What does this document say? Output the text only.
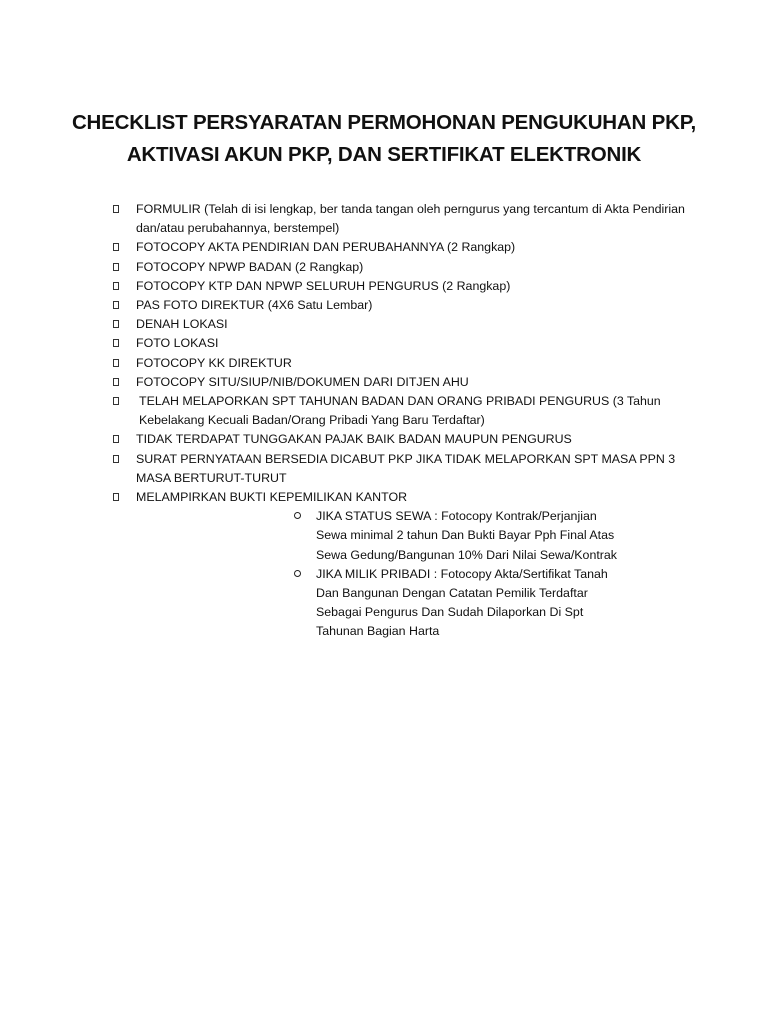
CHECKLIST PERSYARATAN PERMOHONAN PENGUKUHAN PKP,
AKTIVASI AKUN PKP, DAN SERTIFIKAT ELEKTRONIK
FORMULIR (Telah di isi lengkap, ber tanda tangan oleh perngurus yang tercantum di Akta Pendirian dan/atau perubahannya, berstempel)
FOTOCOPY AKTA PENDIRIAN DAN PERUBAHANNYA (2 Rangkap)
FOTOCOPY NPWP BADAN (2 Rangkap)
FOTOCOPY KTP DAN NPWP SELURUH PENGURUS (2 Rangkap)
PAS FOTO DIREKTUR (4X6 Satu Lembar)
DENAH LOKASI
FOTO LOKASI
FOTOCOPY KK DIREKTUR
FOTOCOPY SITU/SIUP/NIB/DOKUMEN DARI DITJEN AHU
TELAH MELAPORKAN SPT TAHUNAN BADAN DAN ORANG PRIBADI PENGURUS (3 Tahun Kebelakang Kecuali Badan/Orang Pribadi Yang Baru Terdaftar)
TIDAK TERDAPAT TUNGGAKAN PAJAK BAIK BADAN MAUPUN PENGURUS
SURAT PERNYATAAN BERSEDIA DICABUT PKP JIKA TIDAK MELAPORKAN SPT MASA PPN 3 MASA BERTURUT-TURUT
MELAMPIRKAN BUKTI KEPEMILIKAN KANTOR
JIKA STATUS SEWA : Fotocopy Kontrak/Perjanjian Sewa minimal 2 tahun Dan Bukti Bayar Pph Final Atas Sewa Gedung/Bangunan 10% Dari Nilai Sewa/Kontrak
JIKA MILIK PRIBADI : Fotocopy Akta/Sertifikat Tanah Dan Bangunan Dengan Catatan Pemilik Terdaftar Sebagai Pengurus Dan Sudah Dilaporkan Di Spt Tahunan Bagian Harta
